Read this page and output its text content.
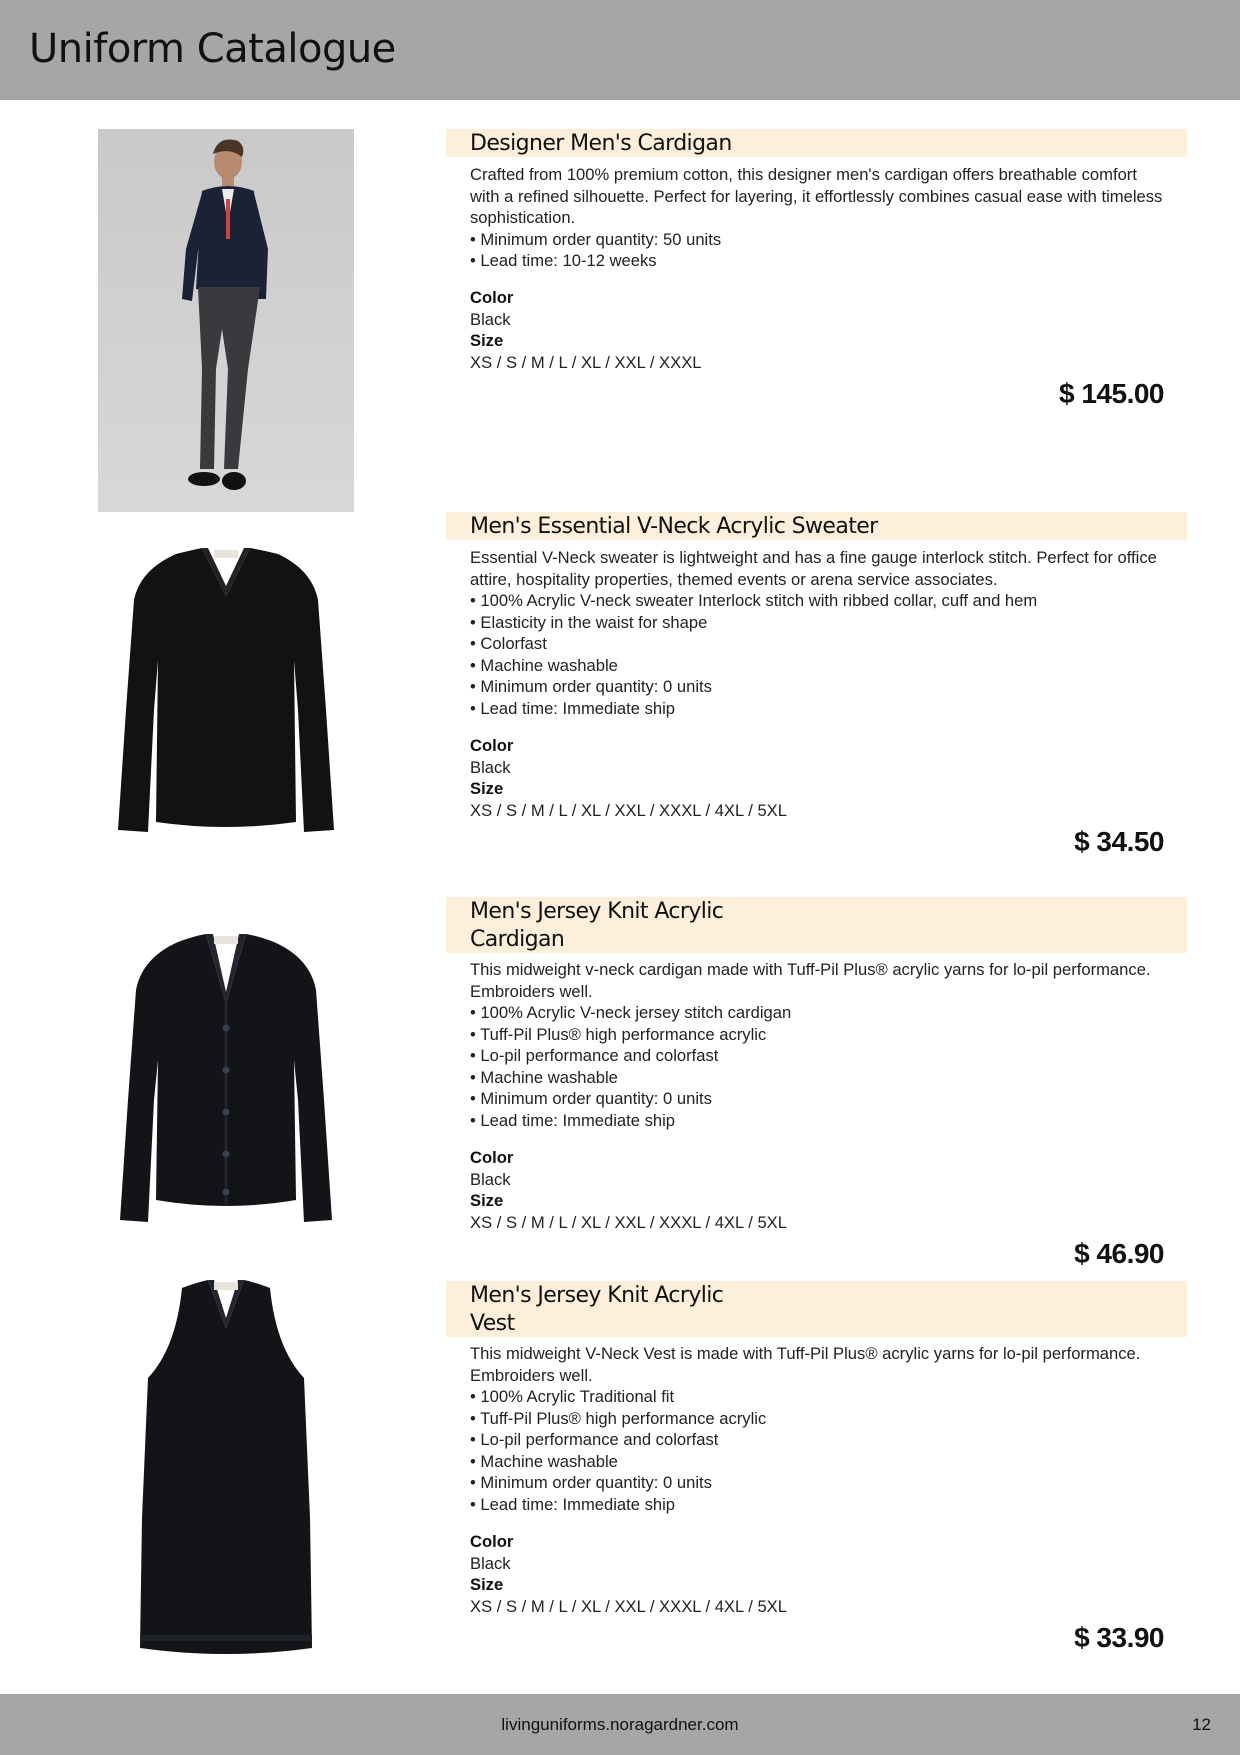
Uniform Catalogue
Designer Men's Cardigan

Crafted from 100% premium cotton, this designer men's cardigan offers breathable comfort with a refined silhouette. Perfect for layering, it effortlessly combines casual ease with timeless sophistication.

• Minimum order quantity: 50 units
• Lead time: 10-12 weeks
Color
Black
Size
XS / S / M / L / XL / XXL / XXXL
$ 145.00
Men's Essential V-Neck Acrylic Sweater

Essential V-Neck sweater is lightweight and has a fine gauge interlock stitch. Perfect for office attire, hospitality properties, themed events or arena service associates.

• 100% Acrylic V-neck sweater Interlock stitch with ribbed collar, cuff and hem
• Elasticity in the waist for shape
• Colorfast
• Machine washable
• Minimum order quantity: 0 units
• Lead time: Immediate ship
Color
Black
Size
XS / S / M / L / XL / XXL / XXXL / 4XL / 5XL
$ 34.50
Men's Jersey Knit Acrylic
Cardigan

This midweight v-neck cardigan made with Tuff-Pil Plus® acrylic yarns for lo-pil performance. Embroiders well.

• 100% Acrylic V-neck jersey stitch cardigan
• Tuff-Pil Plus® high performance acrylic
• Lo-pil performance and colorfast
• Machine washable
• Minimum order quantity: 0 units
• Lead time: Immediate ship
Color
Black
Size
XS / S / M / L / XL / XXL / XXXL / 4XL / 5XL
$ 46.90
Men's Jersey Knit Acrylic
Vest

This midweight V-Neck Vest is made with Tuff-Pil Plus® acrylic yarns for lo-pil performance. Embroiders well.

• 100% Acrylic Traditional fit
• Tuff-Pil Plus® high performance acrylic
• Lo-pil performance and colorfast
• Machine washable
• Minimum order quantity: 0 units
• Lead time: Immediate ship
Color
Black
Size
XS / S / M / L / XL / XXL / XXXL / 4XL / 5XL
$ 33.90
livinguniforms.noragardner.com	12
